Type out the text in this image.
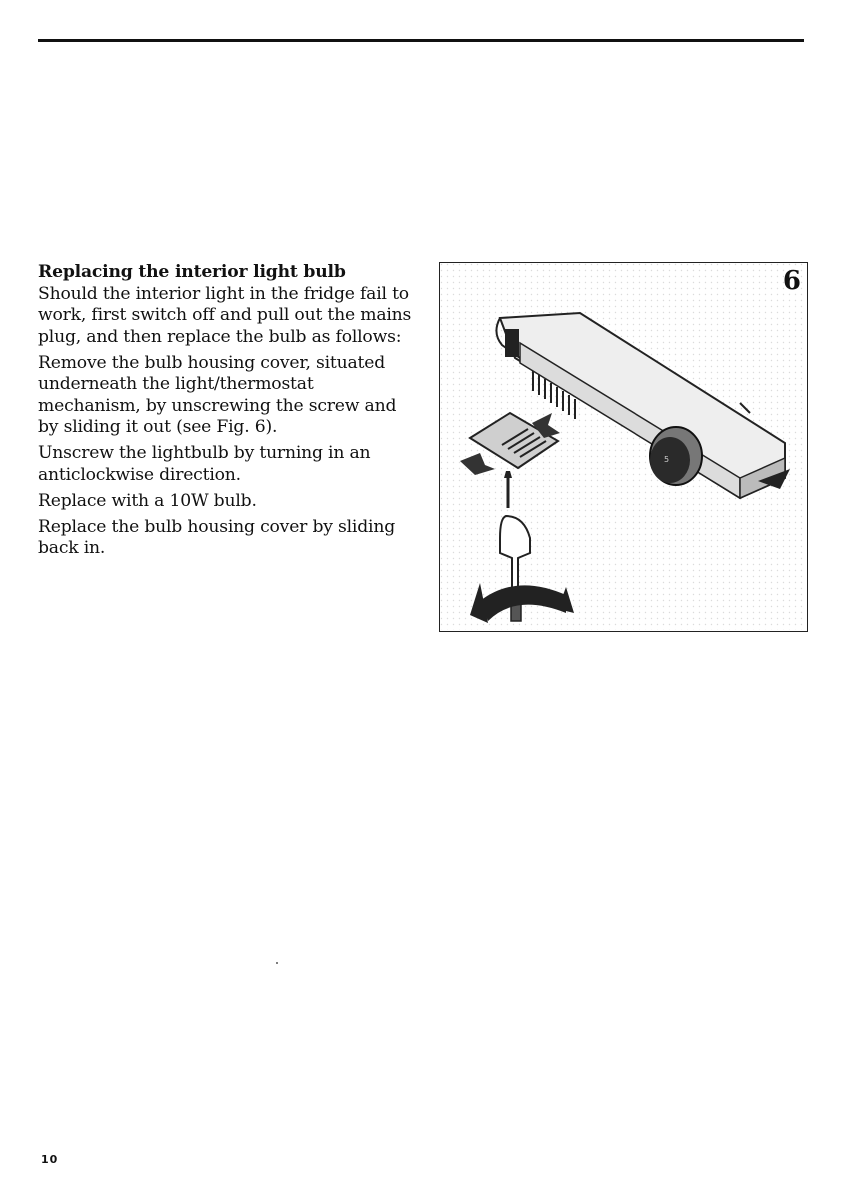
Replacing the interior light bulb

Should the interior light in the fridge fail to work, first switch off and pull out the mains plug, and then replace the bulb as follows:

Remove the bulb housing cover, situated underneath the light/thermostat mechanism, by unscrewing the screw and by sliding it out (see Fig. 6).

Unscrew the lightbulb by turning in an anticlockwise direction.

Replace with a 10W bulb.

Replace the bulb housing cover by sliding back in.

5
6
10
